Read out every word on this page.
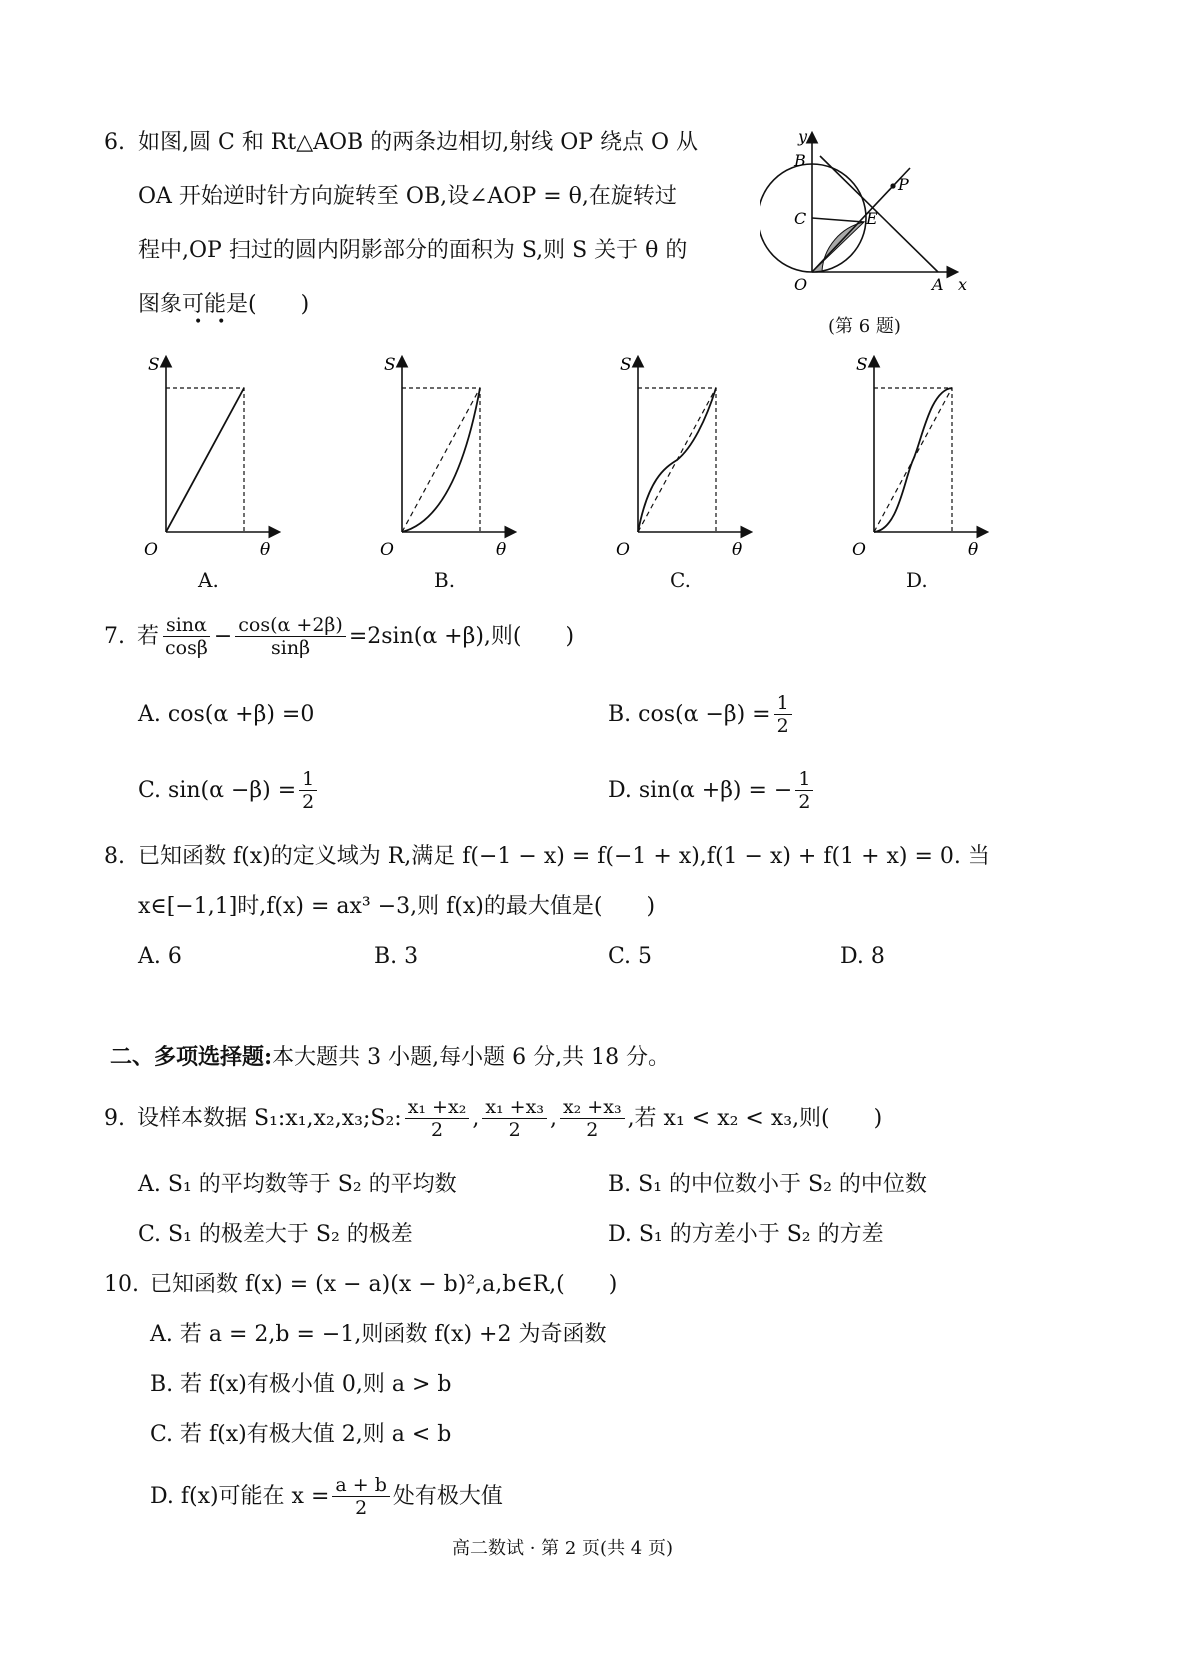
6. 如图,圆 C 和 Rt△AOB 的两条边相切,射线 OP 绕点 O 从
OA 开始逆时针方向旋转至 OB,设∠AOP = θ,在旋转过
程中,OP 扫过的圆内阴影部分的面积为 S,则 S 关于 θ 的
图象可能是(　　)
•  •
y
B
C	E
P
O	A x
(第 6 题)
S
O	θ
A.
S
O	θ
B.
S
O	θ
C.
S
O	θ
D.
7. 若 $\frac{\sin\alpha}{\cos\beta} - \frac{\cos(\alpha +2\beta)}{\sin\beta} =2\sin(\alpha +\beta)$,则(　　)
A. cos(α +β) =0	B. $\cos(\alpha -\beta) = \frac{1}{2}$
C. $\sin(\alpha -\beta) = \frac{1}{2}$	D. sin(α +β) = − $\frac{1}{2}$
8. 已知函数 f(x)的定义域为 R,满足 f(−1 − x) = f(−1 + x),f(1 − x) + f(1 + x) = 0. 当
x∈[−1,1]时,f(x) = ax³ −3,则 f(x)的最大值是(　　)
A. 6	B. 3	C. 5	D. 8
二、多项选择题:本大题共 3 小题,每小题 6 分,共 18 分。
9. 设样本数据 S₁:x₁,x₂,x₃;S₂: $\frac{\text{x₁ +x₂}}{2}$ , $\frac{\text{x₁ +x₃}}{2}$ , $\frac{\text{x₂ +x₃}}{2}$ ,若 x₁ < x₂ < x₃,则(　　)
A. S₁ 的平均数等于 S₂ 的平均数	B. S₁ 的中位数小于 S₂ 的中位数
C. S₁ 的极差大于 S₂ 的极差	D. S₁ 的方差小于 S₂ 的方差
10. 已知函数 f(x) = (x − a)(x − b)²,a,b∈R,(　　)
A. 若 a = 2,b = −1,则函数 f(x) +2 为奇函数
B. 若 f(x)有极小值 0,则 a > b
C. 若 f(x)有极大值 2,则 a < b
D. f(x)可能在 $x = \frac{a + b}{2}$ 处有极大值
高二数试 · 第 2 页(共 4 页)
